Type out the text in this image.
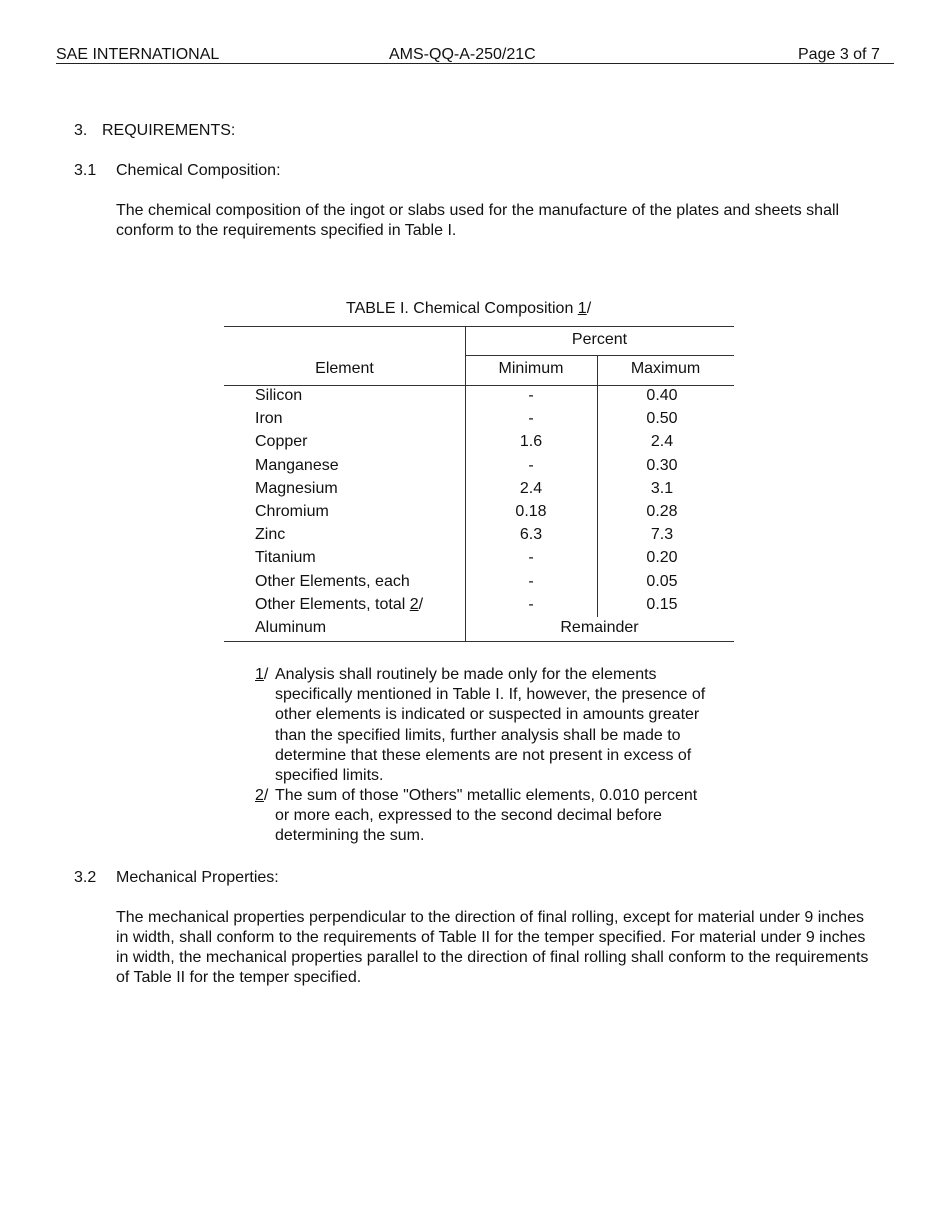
SAE INTERNATIONAL	AMS-QQ-A-250/21C	Page 3 of 7
3. REQUIREMENTS:
3.1 Chemical Composition:
The chemical composition of the ingot or slabs used for the manufacture of the plates and sheets shall conform to the requirements specified in Table I.
TABLE I. Chemical Composition 1/
Percent
Element	Minimum	Maximum
Silicon	-	0.40
Iron	-	0.50
Copper	1.6	2.4
Manganese	-	0.30
Magnesium	2.4	3.1
Chromium	0.18	0.28
Zinc	6.3	7.3
Titanium	-	0.20
Other Elements, each	-	0.05
Other Elements, total 2/	-	0.15
Aluminum	Remainder
1/ Analysis shall routinely be made only for the elements specifically mentioned in Table I. If, however, the presence of other elements is indicated or suspected in amounts greater than the specified limits, further analysis shall be made to determine that these elements are not present in excess of specified limits.
2/ The sum of those "Others" metallic elements, 0.010 percent or more each, expressed to the second decimal before determining the sum.
3.2 Mechanical Properties:
The mechanical properties perpendicular to the direction of final rolling, except for material under 9 inches in width, shall conform to the requirements of Table II for the temper specified. For material under 9 inches in width, the mechanical properties parallel to the direction of final rolling shall conform to the requirements of Table II for the temper specified.
